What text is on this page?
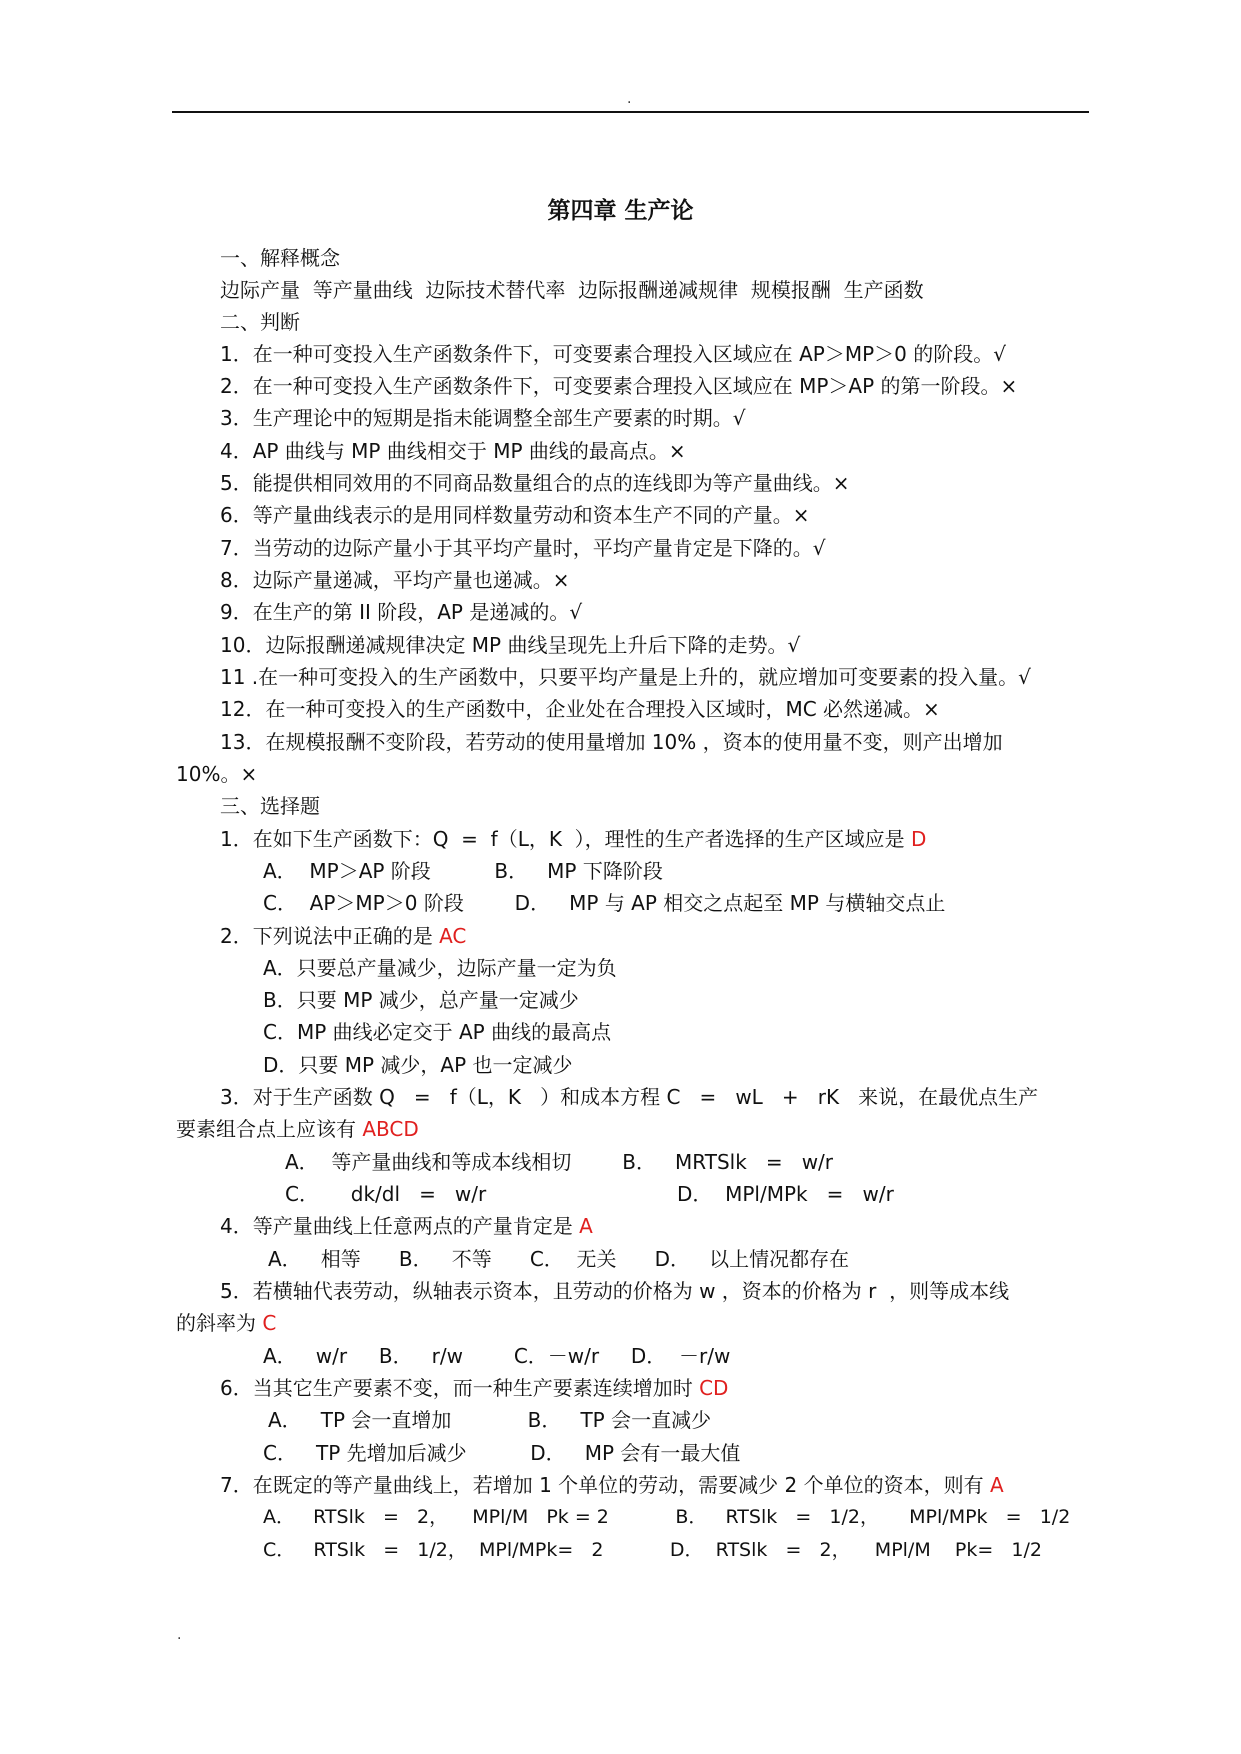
.
第四章 生产论
一、解释概念
边际产量  等产量曲线  边际技术替代率  边际报酬递减规律  规模报酬  生产函数
二、判断
1．在一种可变投入生产函数条件下，可变要素合理投入区域应在 AP＞MP＞0 的阶段。√
2．在一种可变投入生产函数条件下，可变要素合理投入区域应在 MP＞AP 的第一阶段。×
3．生产理论中的短期是指未能调整全部生产要素的时期。√
4．AP 曲线与 MP 曲线相交于 MP 曲线的最高点。×
5．能提供相同效用的不同商品数量组合的点的连线即为等产量曲线。×
6．等产量曲线表示的是用同样数量劳动和资本生产不同的产量。×
7．当劳动的边际产量小于其平均产量时，平均产量肯定是下降的。√
8．边际产量递减，平均产量也递减。×
9．在生产的第 II 阶段，AP 是递减的。√
10．边际报酬递减规律决定 MP 曲线呈现先上升后下降的走势。√
11 .在一种可变投入的生产函数中，只要平均产量是上升的，就应增加可变要素的投入量。√
12．在一种可变投入的生产函数中，企业处在合理投入区域时，MC 必然递减。×
13．在规模报酬不变阶段，若劳动的使用量增加 10% ，资本的使用量不变，则产出增加
10%。×
三、选择题
1．在如下生产函数下：Q  =  f（L，K  ），理性的生产者选择的生产区域应是 D
A．  MP＞AP 阶段          B．   MP 下降阶段
C．  AP＞MP＞0 阶段        D．   MP 与 AP 相交之点起至 MP 与横轴交点止
2．下列说法中正确的是 AC
A．只要总产量减少，边际产量一定为负
B．只要 MP 减少，总产量一定减少
C．MP 曲线必定交于 AP 曲线的最高点
D．只要 MP 减少，AP 也一定减少
3．对于生产函数 Q   =   f（L，K   ）和成本方程 C   =   wL   +   rK   来说，在最优点生产
要素组合点上应该有 ABCD
A．  等产量曲线和等成本线相切        B．   MRTSlk   =   w/r
C．     dk/dl   =   w/r                              D．  MPl/MPk   =   w/r
4．等产量曲线上任意两点的产量肯定是 A
A．   相等      B．   不等      C．  无关      D．   以上情况都存在
5．若横轴代表劳动，纵轴表示资本，且劳动的价格为 w ，资本的价格为 r  ，则等成本线
的斜率为 C
A．   w/r     B．   r/w        C．－w/r     D．  －r/w
6．当其它生产要素不变，而一种生产要素连续增加时 CD
A．   TP 会一直增加            B．   TP 会一直减少
C．   TP 先增加后减少          D．   MP 会有一最大值
7．在既定的等产量曲线上，若增加 1 个单位的劳动，需要减少 2 个单位的资本，则有 A
A．   RTSlk   =   2，    MPl/M   Pk = 2           B．   RTSlk   =   1/2，     MPl/MPk   =   1/2
C．   RTSlk   =   1/2，  MPl/MPk=   2           D．  RTSlk   =   2，    MPl/M    Pk=   1/2
.
